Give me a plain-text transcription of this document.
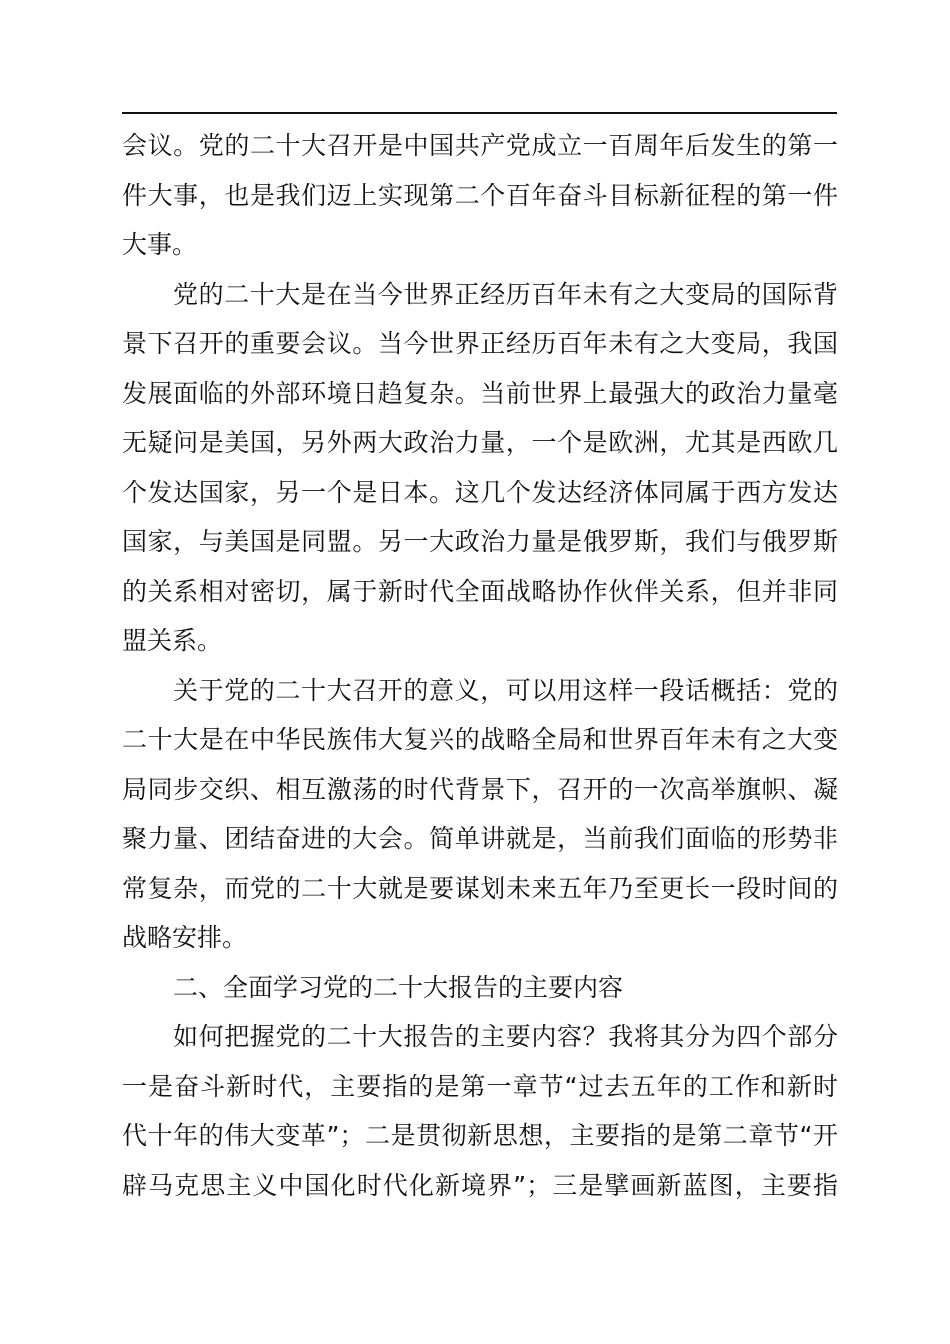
会议。党的二十大召开是中国共产党成立一百周年后发生的第一
件大事，也是我们迈上实现第二个百年奋斗目标新征程的第一件
大事。
党的二十大是在当今世界正经历百年未有之大变局的国际背
景下召开的重要会议。当今世界正经历百年未有之大变局，我国
发展面临的外部环境日趋复杂。当前世界上最强大的政治力量毫
无疑问是美国，另外两大政治力量，一个是欧洲，尤其是西欧几
个发达国家，另一个是日本。这几个发达经济体同属于西方发达
国家，与美国是同盟。另一大政治力量是俄罗斯，我们与俄罗斯
的关系相对密切，属于新时代全面战略协作伙伴关系，但并非同
盟关系。
关于党的二十大召开的意义，可以用这样一段话概括：党的
二十大是在中华民族伟大复兴的战略全局和世界百年未有之大变
局同步交织、相互激荡的时代背景下，召开的一次高举旗帜、凝
聚力量、团结奋进的大会。简单讲就是，当前我们面临的形势非
常复杂，而党的二十大就是要谋划未来五年乃至更长一段时间的
战略安排。
二、全面学习党的二十大报告的主要内容
如何把握党的二十大报告的主要内容？我将其分为四个部分
一是奋斗新时代，主要指的是第一章节“过去五年的工作和新时
代十年的伟大变革”；二是贯彻新思想，主要指的是第二章节“开
辟马克思主义中国化时代化新境界”；三是擘画新蓝图，主要指
